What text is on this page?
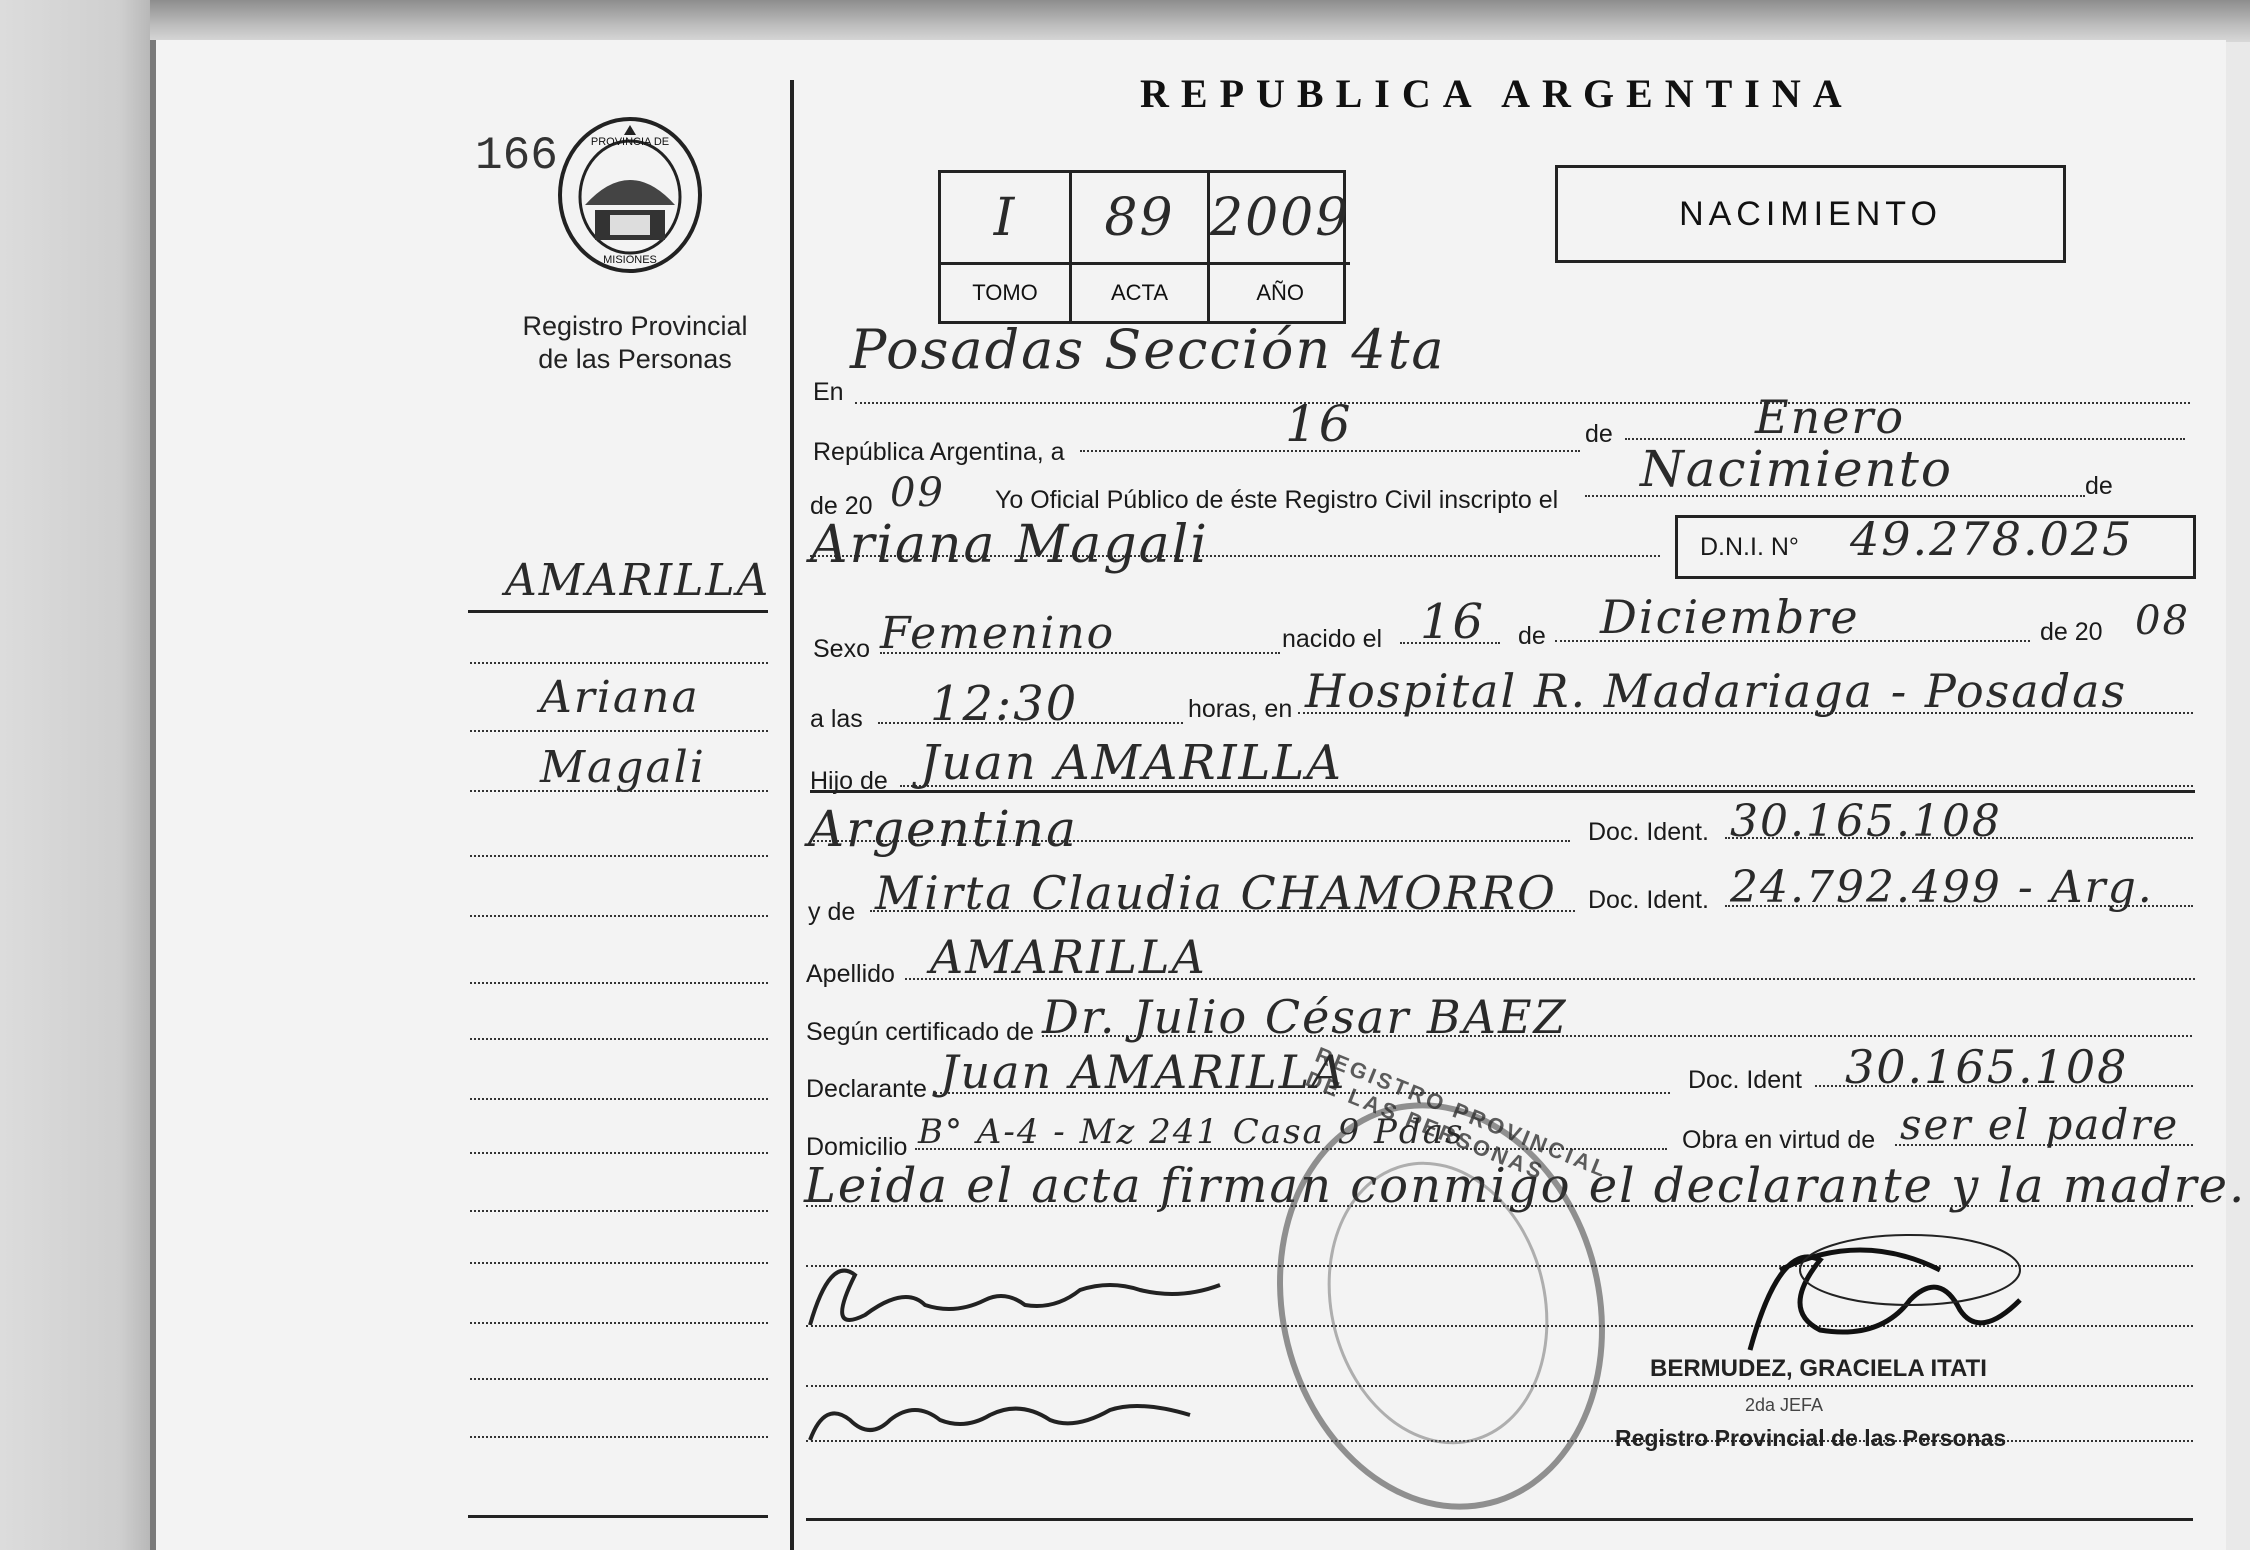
166	PROVINCIA DE
MISIONES
Registro Provincial
de las Personas
AMARILLA
Ariana
Magali
REPUBLICA ARGENTINA
NACIMIENTO
I	89 2009
TOMO	ACTA	AÑO
En
Posadas Sección 4ta
República Argentina, a	16	de	Enero
de 20 09 Yo Oficial Público de éste Registro Civil inscripto el
Nacimiento	de
Ariana Magali	D.N.I. N° 49.278.025
Sexo Femenino	nacido el 16 de Diciembre	de 20 08
a las 12:30	horas, en Hospital R. Madariaga - Posadas
Hijo de Juan AMARILLA
Argentina	Doc. Ident. 30.165.108
y de Mirta Claudia CHAMORRO Doc. Ident. 24.792.499 - Arg.
Apellido AMARILLA
Según certificado de Dr. Julio César BAEZ
Declarante Juan AMARILLA	Doc. Ident 30.165.108
Domicilio B° A-4 - Mz 241 Casa 9 Pdas	Obra en virtud de ser el padre
Leida el acta firman conmigo el declarante y la madre.
REGISTRO PROVINCIAL DE LAS PERSONAS
BERMUDEZ, GRACIELA ITATI
2da JEFA
Registro Provincial de las Personas
